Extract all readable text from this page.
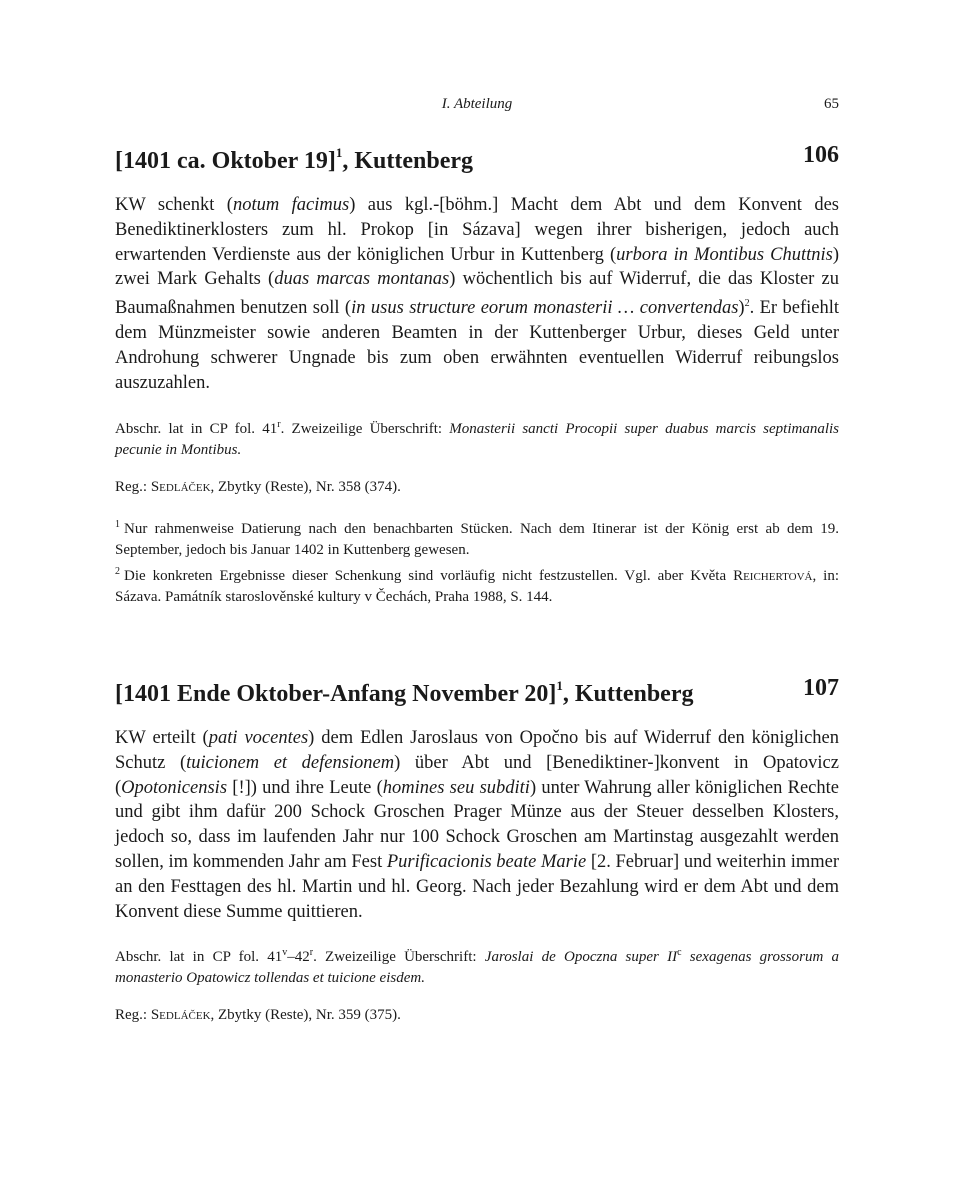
I. Abteilung	65
[1401 ca. Oktober 19]$^1$, Kuttenberg	106
KW schenkt (notum facimus) aus kgl.-[böhm.] Macht dem Abt und dem Konvent des Benediktinerklosters zum hl. Prokop [in Sázava] wegen ihrer bisherigen, jedoch auch erwartenden Verdienste aus der königlichen Urbur in Kuttenberg (urbora in Montibus Chuttnis) zwei Mark Gehalts (duas marcas montanas) wöchentlich bis auf Widerruf, die das Kloster zu Baumaßnahmen benutzen soll (in usus structure eorum monasterii … convertendas)$^2$. Er befiehlt dem Münzmeister sowie anderen Beamten in der Kuttenberger Urbur, dieses Geld unter Androhung schwerer Ungnade bis zum oben erwähnten eventuellen Widerruf reibungslos auszuzahlen.
Abschr. lat in CP fol. 41$^r$. Zweizeilige Überschrift: Monasterii sancti Procopii super duabus marcis septimanalis pecunie in Montibus.
Reg.: Sedláček, Zbytky (Reste), Nr. 358 (374).
$^1$ Nur rahmenweise Datierung nach den benachbarten Stücken. Nach dem Itinerar ist der König erst ab dem 19. September, jedoch bis Januar 1402 in Kuttenberg gewesen.
$^2$ Die konkreten Ergebnisse dieser Schenkung sind vorläufig nicht festzustellen. Vgl. aber Květa Reichertová, in: Sázava. Památník staroslověnské kultury v Čechách, Praha 1988, S. 144.
[1401 Ende Oktober-Anfang November 20]$^1$, Kuttenberg	107
KW erteilt (pati vocentes) dem Edlen Jaroslaus von Opočno bis auf Widerruf den königlichen Schutz (tuicionem et defensionem) über Abt und [Benediktiner-]konvent in Opatovicz (Opotonicensis [!]) und ihre Leute (homines seu subditi) unter Wahrung aller königlichen Rechte und gibt ihm dafür 200 Schock Groschen Prager Münze aus der Steuer desselben Klosters, jedoch so, dass im laufenden Jahr nur 100 Schock Groschen am Martinstag ausgezahlt werden sollen, im kommenden Jahr am Fest Purificacionis beate Marie [2. Februar] und weiterhin immer an den Festtagen des hl. Martin und hl. Georg. Nach jeder Bezahlung wird er dem Abt und dem Konvent diese Summe quittieren.
Abschr. lat in CP fol. 41$^v$–42$^r$. Zweizeilige Überschrift: Jaroslai de Opoczna super $II^c$ sexagenas grossorum a monasterio Opatowicz tollendas et tuicione eisdem.
Reg.: Sedláček, Zbytky (Reste), Nr. 359 (375).
